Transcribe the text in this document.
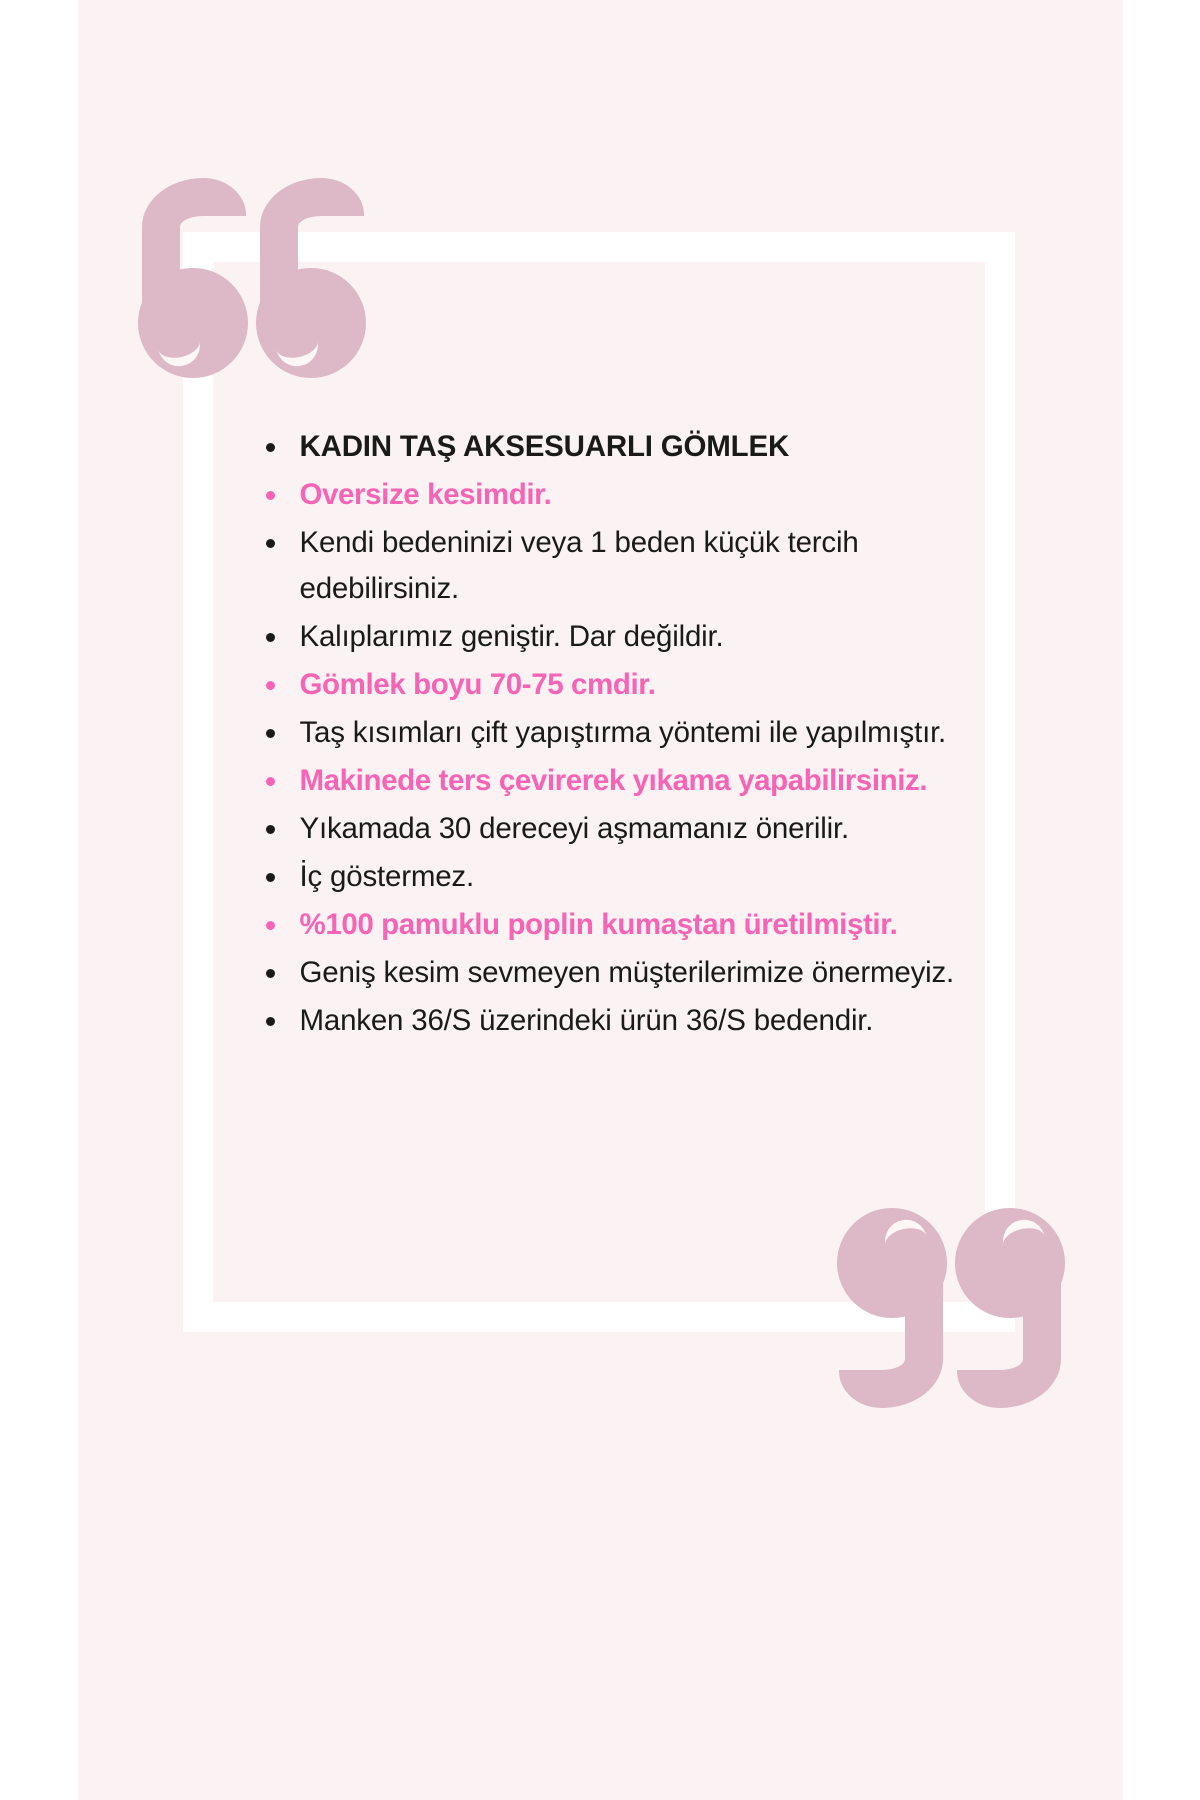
KADIN TAŞ AKSESUARLI GÖMLEK
Oversize kesimdir.
Kendi bedeninizi veya 1 beden küçük tercih edebilirsiniz.
Kalıplarımız geniştir. Dar değildir.
Gömlek boyu 70-75 cmdir.
Taş kısımları çift yapıştırma yöntemi ile yapılmıştır.
Makinede ters çevirerek yıkama yapabilirsiniz.
Yıkamada 30 dereceyi aşmamanız önerilir.
İç göstermez.
%100 pamuklu poplin kumaştan üretilmiştir.
Geniş kesim sevmeyen müşterilerimize önermeyiz.
Manken 36/S üzerindeki ürün 36/S bedendir.
